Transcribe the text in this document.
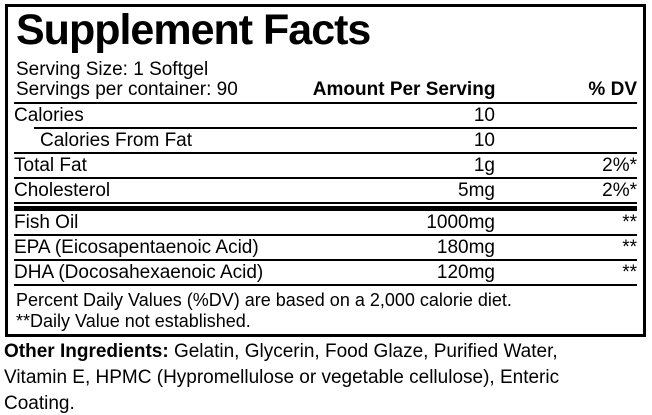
Supplement Facts
Serving Size: 1 Softgel
Servings per container: 90	Amount Per Serving	% DV
Calories	10
Calories From Fat	10
Total Fat	1g	2%*
Cholesterol	5mg	2%*
Fish Oil	1000mg	**
EPA (Eicosapentaenoic Acid)	180mg	**
DHA (Docosahexaenoic Acid)	120mg	**
Percent Daily Values (%DV) are based on a 2,000 calorie diet.
**Daily Value not established.
Other Ingredients: Gelatin, Glycerin, Food Glaze, Purified Water,
Vitamin E, HPMC (Hypromellulose or vegetable cellulose), Enteric
Coating.
